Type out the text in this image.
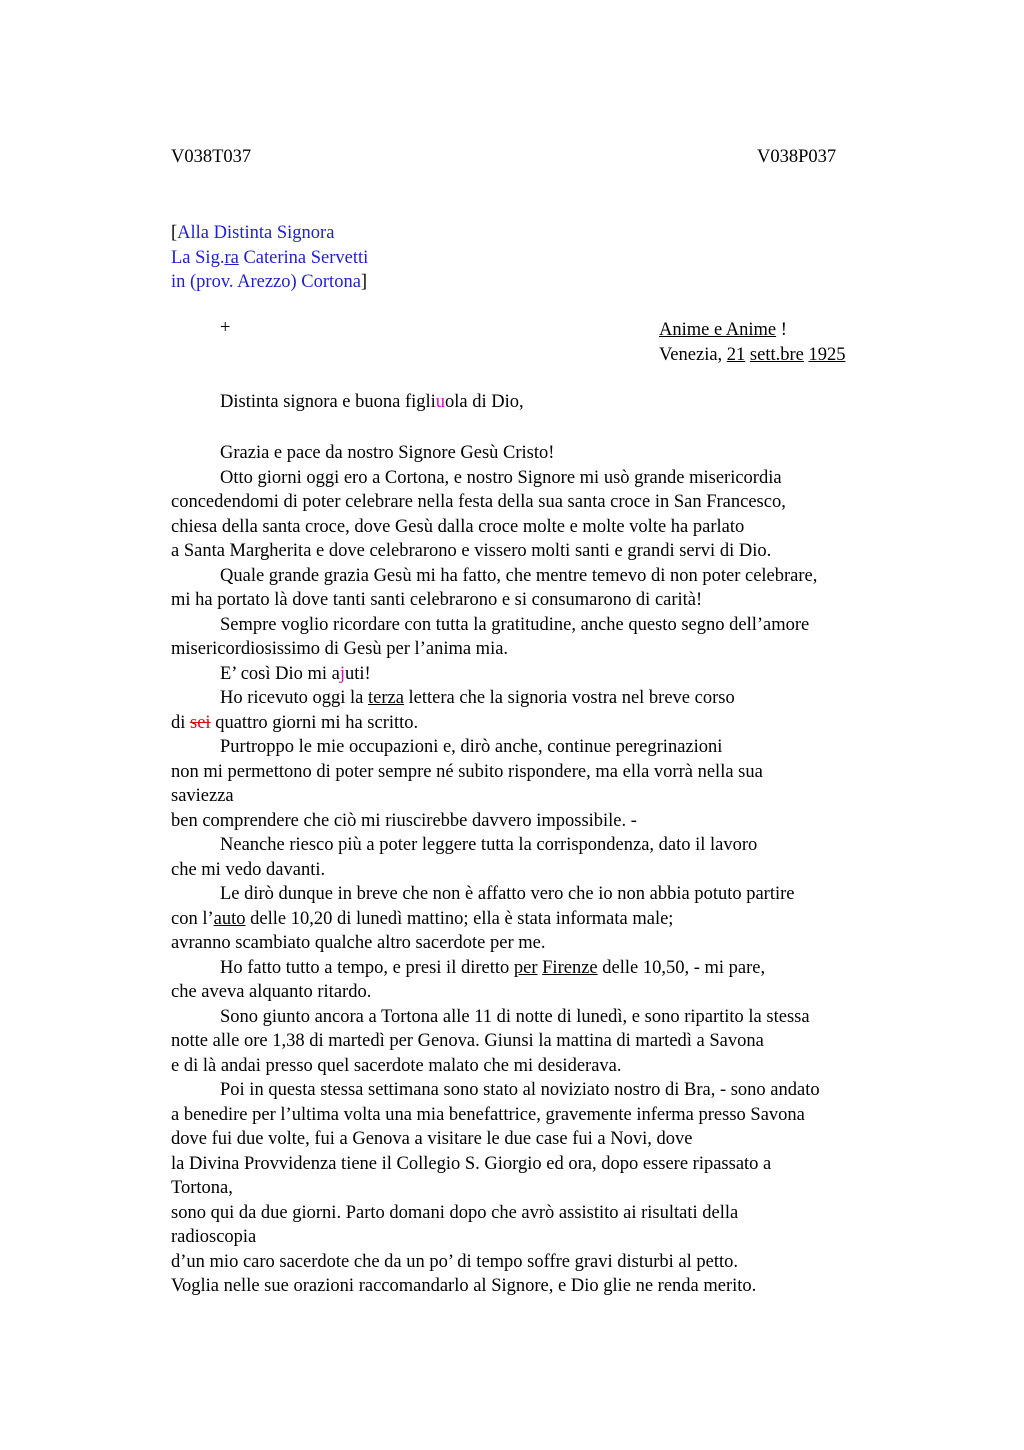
V038T037	V038P037
[Alla Distinta Signora
La Sig.ra Caterina Servetti
in (prov. Arezzo) Cortona]
+	Anime e Anime !
Venezia, 21 sett.bre 1925
Distinta signora e buona figliuola di Dio,
Grazia e pace da nostro Signore Gesù Cristo!
Otto giorni oggi ero a Cortona, e nostro Signore mi usò grande misericordia
concedendomi di poter celebrare nella festa della sua santa croce in San Francesco,
chiesa della santa croce, dove Gesù dalla croce molte e molte volte ha parlato
a Santa Margherita e dove celebrarono e vissero molti santi e grandi servi di Dio.
Quale grande grazia Gesù mi ha fatto, che mentre temevo di non poter celebrare,
mi ha portato là dove tanti santi celebrarono e si consumarono di carità!
Sempre voglio ricordare con tutta la gratitudine, anche questo segno dell’amore
misericordiosissimo di Gesù per l’anima mia.
E’ così Dio mi ajuti!
Ho ricevuto oggi la terza lettera che la signoria vostra nel breve corso
di sei quattro giorni mi ha scritto.
Purtroppo le mie occupazioni e, dirò anche, continue peregrinazioni
non mi permettono di poter sempre né subito rispondere, ma ella vorrà nella sua
saviezza
ben comprendere che ciò mi riuscirebbe davvero impossibile. -
Neanche riesco più a poter leggere tutta la corrispondenza, dato il lavoro
che mi vedo davanti.
Le dirò dunque in breve che non è affatto vero che io non abbia potuto partire
con l’auto delle 10,20 di lunedì mattino; ella è stata informata male;
avranno scambiato qualche altro sacerdote per me.
Ho fatto tutto a tempo, e presi il diretto per Firenze delle 10,50, - mi pare,
che aveva alquanto ritardo.
Sono giunto ancora a Tortona alle 11 di notte di lunedì, e sono ripartito la stessa
notte alle ore 1,38 di martedì per Genova. Giunsi la mattina di martedì a Savona
e di là andai presso quel sacerdote malato che mi desiderava.
Poi in questa stessa settimana sono stato al noviziato nostro di Bra, - sono andato
a benedire per l’ultima volta una mia benefattrice, gravemente inferma presso Savona
dove fui due volte, fui a Genova a visitare le due case fui a Novi, dove
la Divina Provvidenza tiene il Collegio S. Giorgio ed ora, dopo essere ripassato a
Tortona,
sono qui da due giorni. Parto domani dopo che avrò assistito ai risultati della
radioscopia
d’un mio caro sacerdote che da un po’ di tempo soffre gravi disturbi al petto.
Voglia nelle sue orazioni raccomandarlo al Signore, e Dio glie ne renda merito.
